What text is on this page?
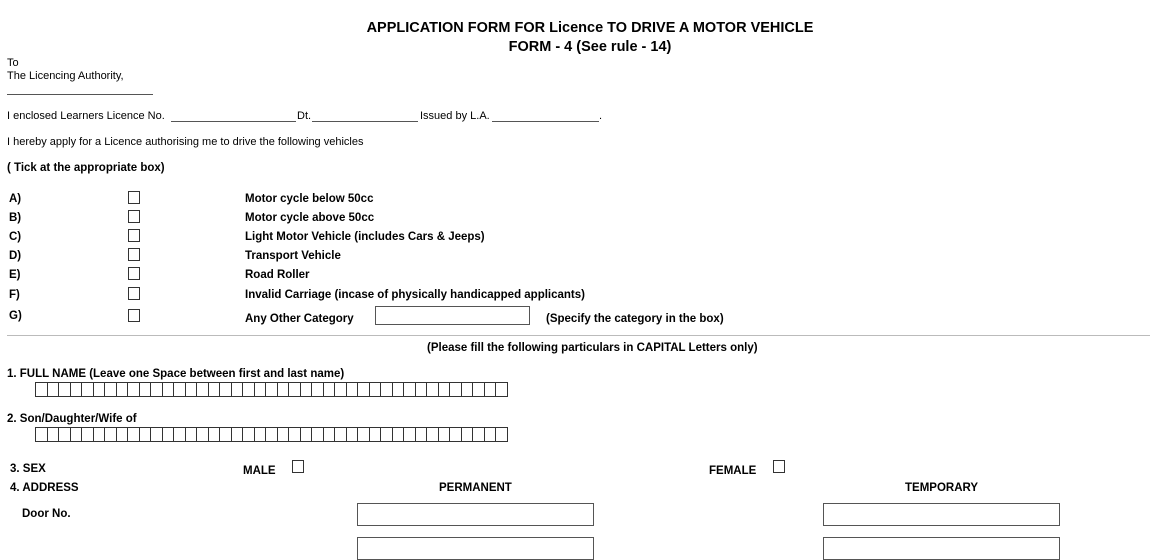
APPLICATION FORM FOR Licence TO DRIVE A MOTOR VEHICLE
FORM - 4 (See rule - 14)
To
The Licencing Authority,
I enclosed Learners Licence No.	Dt.	Issued by L.A.	.
I hereby apply for a Licence authorising me to drive the following vehicles
( Tick at the appropriate box)
A)	Motor cycle below 50cc
B)	Motor cycle above 50cc
C)	Light Motor Vehicle (includes Cars & Jeeps)
D)	Transport Vehicle
E)	Road Roller
F)	Invalid Carriage (incase of physically handicapped applicants)
G)	Any Other Category	(Specify the category in the box)
(Please fill the following particulars in CAPITAL Letters only)
1. FULL NAME (Leave one Space between first and last name)
2. Son/Daughter/Wife of
3. SEX	MALE	FEMALE
4. ADDRESS	PERMANENT	TEMPORARY
Door No.
